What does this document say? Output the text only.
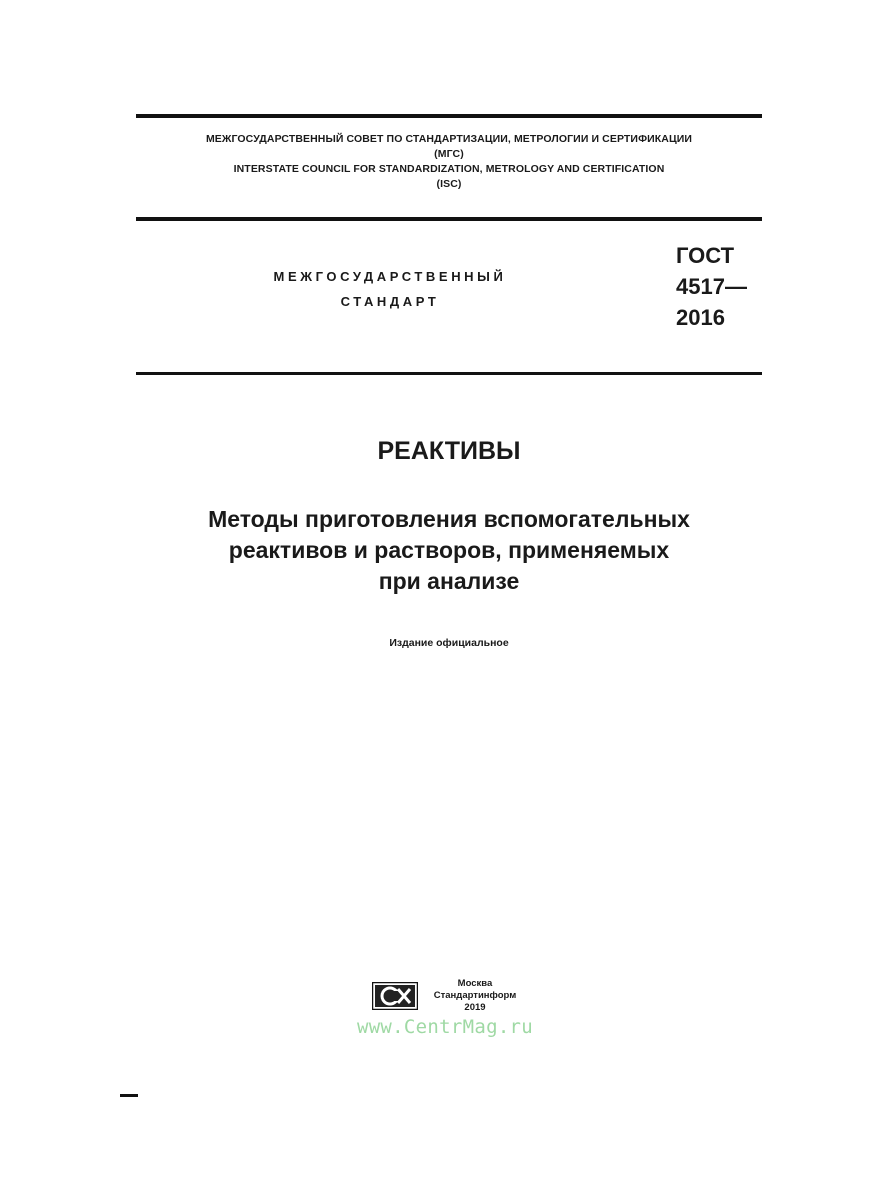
МЕЖГОСУДАРСТВЕННЫЙ СОВЕТ ПО СТАНДАРТИЗАЦИИ, МЕТРОЛОГИИ И СЕРТИФИКАЦИИ
(МГС)
INTERSTATE COUNCIL FOR STANDARDIZATION, METROLOGY AND CERTIFICATION
(ISC)
МЕЖГОСУДАРСТВЕННЫЙ
СТАНДАРТ
ГОСТ
4517—
2016
РЕАКТИВЫ
Методы приготовления вспомогательных
реактивов и растворов, применяемых
при анализе
Издание официальное
Москва
Стандартинформ
2019
www.CentrMag.ru
